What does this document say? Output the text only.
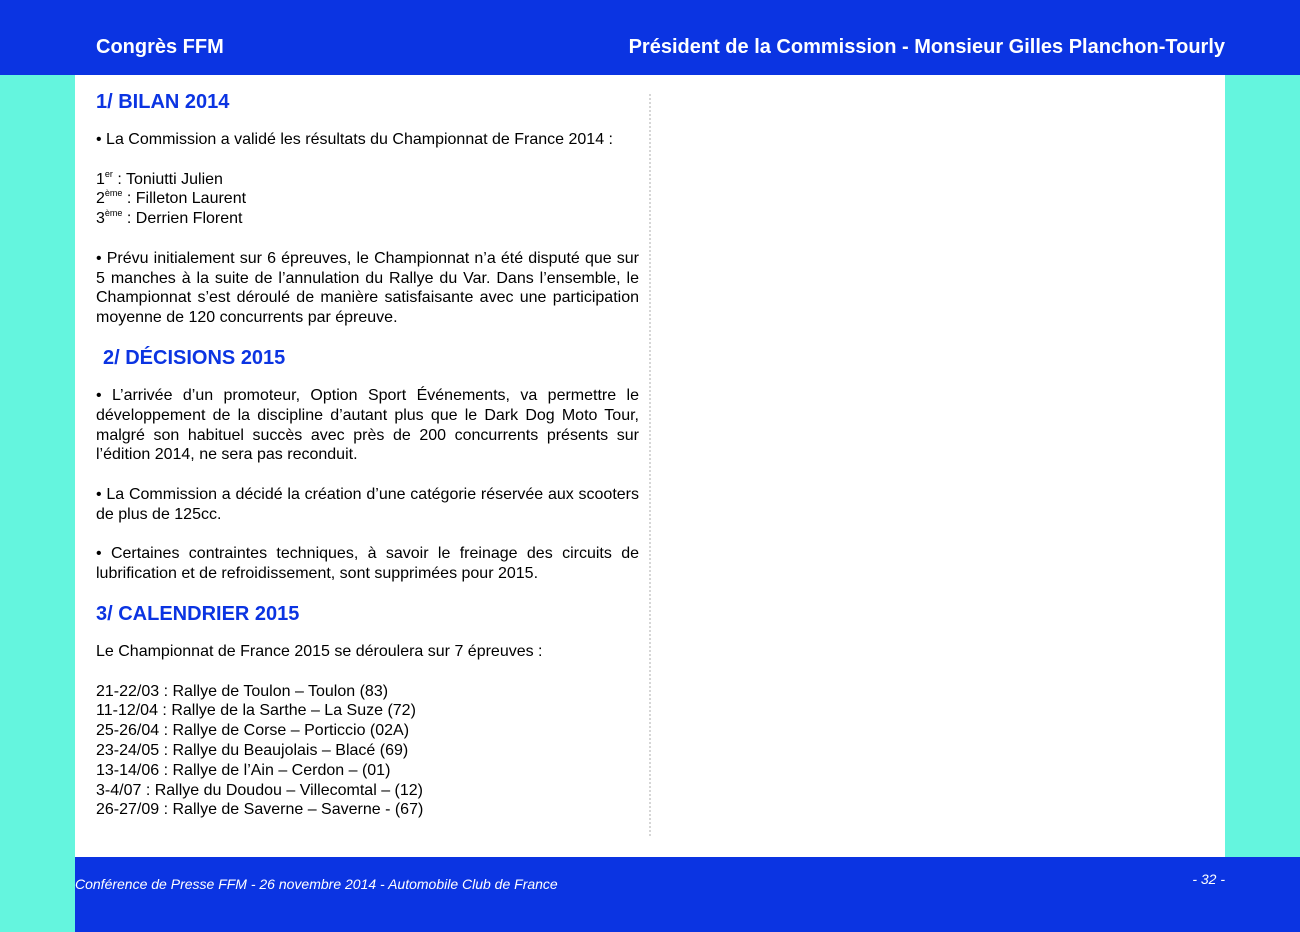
Congrès FFM	Président de la Commission - Monsieur Gilles Planchon-Tourly
1/ BILAN 2014

• La Commission a validé les résultats du Championnat de France 2014 :

1er : Toniutti Julien

2ème : Filleton Laurent

3ème : Derrien Florent

• Prévu initialement sur 6 épreuves, le Championnat n’a été disputé que sur 5 manches à la suite de l’annulation du Rallye du Var. Dans l’ensemble, le Championnat s’est déroulé de manière satisfaisante avec une participation moyenne de 120 concurrents par épreuve.

2/ DÉCISIONS 2015

• L’arrivée d’un promoteur, Option Sport Événements, va permettre le développement de la discipline d’autant plus que le Dark Dog Moto Tour, malgré son habituel succès avec près de 200 concurrents présents sur l’édition 2014, ne sera pas reconduit.

• La Commission a décidé la création d’une catégorie réservée aux scooters de plus de 125cc.

• Certaines contraintes techniques, à savoir le freinage des circuits de lubrification et de refroidissement, sont supprimées pour 2015.

3/ CALENDRIER 2015

Le Championnat de France 2015 se déroulera sur 7 épreuves :

21-22/03 : Rallye de Toulon – Toulon (83)

11-12/04 : Rallye de la Sarthe – La Suze (72)

25-26/04 : Rallye de Corse – Porticcio (02A)

23-24/05 : Rallye du Beaujolais – Blacé (69)

13-14/06 : Rallye de l’Ain – Cerdon – (01)

3-4/07 : Rallye du Doudou – Villecomtal – (12)

26-27/09 : Rallye de Saverne – Saverne - (67)

Conférence de Presse FFM - 26 novembre 2014 - Automobile Club de France	- 32 -
